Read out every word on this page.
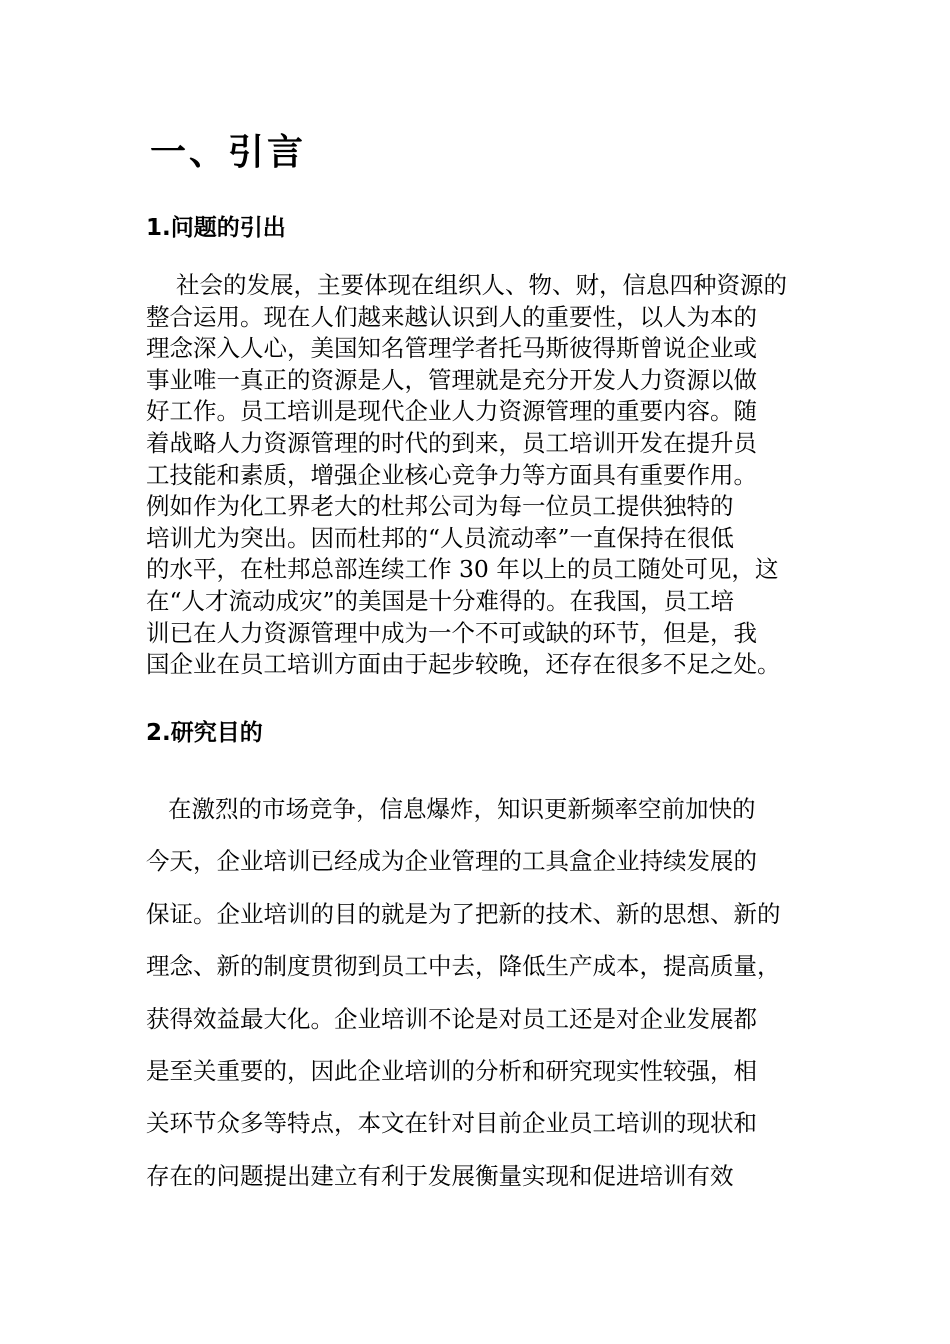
一、引言
1.问题的引出
社会的发展，主要体现在组织人、物、财，信息四种资源的
整合运用。现在人们越来越认识到人的重要性，以人为本的
理念深入人心，美国知名管理学者托马斯彼得斯曾说企业或
事业唯一真正的资源是人，管理就是充分开发人力资源以做
好工作。员工培训是现代企业人力资源管理的重要内容。随
着战略人力资源管理的时代的到来，员工培训开发在提升员
工技能和素质，增强企业核心竞争力等方面具有重要作用。
例如作为化工界老大的杜邦公司为每一位员工提供独特的
培训尤为突出。因而杜邦的“人员流动率”一直保持在很低
的水平，在杜邦总部连续工作 30 年以上的员工随处可见，这
在“人才流动成灾”的美国是十分难得的。在我国，员工培
训已在人力资源管理中成为一个不可或缺的环节，但是，我
国企业在员工培训方面由于起步较晚，还存在很多不足之处。
2.研究目的
在激烈的市场竞争，信息爆炸，知识更新频率空前加快的
今天，企业培训已经成为企业管理的工具盒企业持续发展的
保证。企业培训的目的就是为了把新的技术、新的思想、新的
理念、新的制度贯彻到员工中去，降低生产成本，提高质量，
获得效益最大化。企业培训不论是对员工还是对企业发展都
是至关重要的，因此企业培训的分析和研究现实性较强，相
关环节众多等特点，本文在针对目前企业员工培训的现状和
存在的问题提出建立有利于发展衡量实现和促进培训有效
